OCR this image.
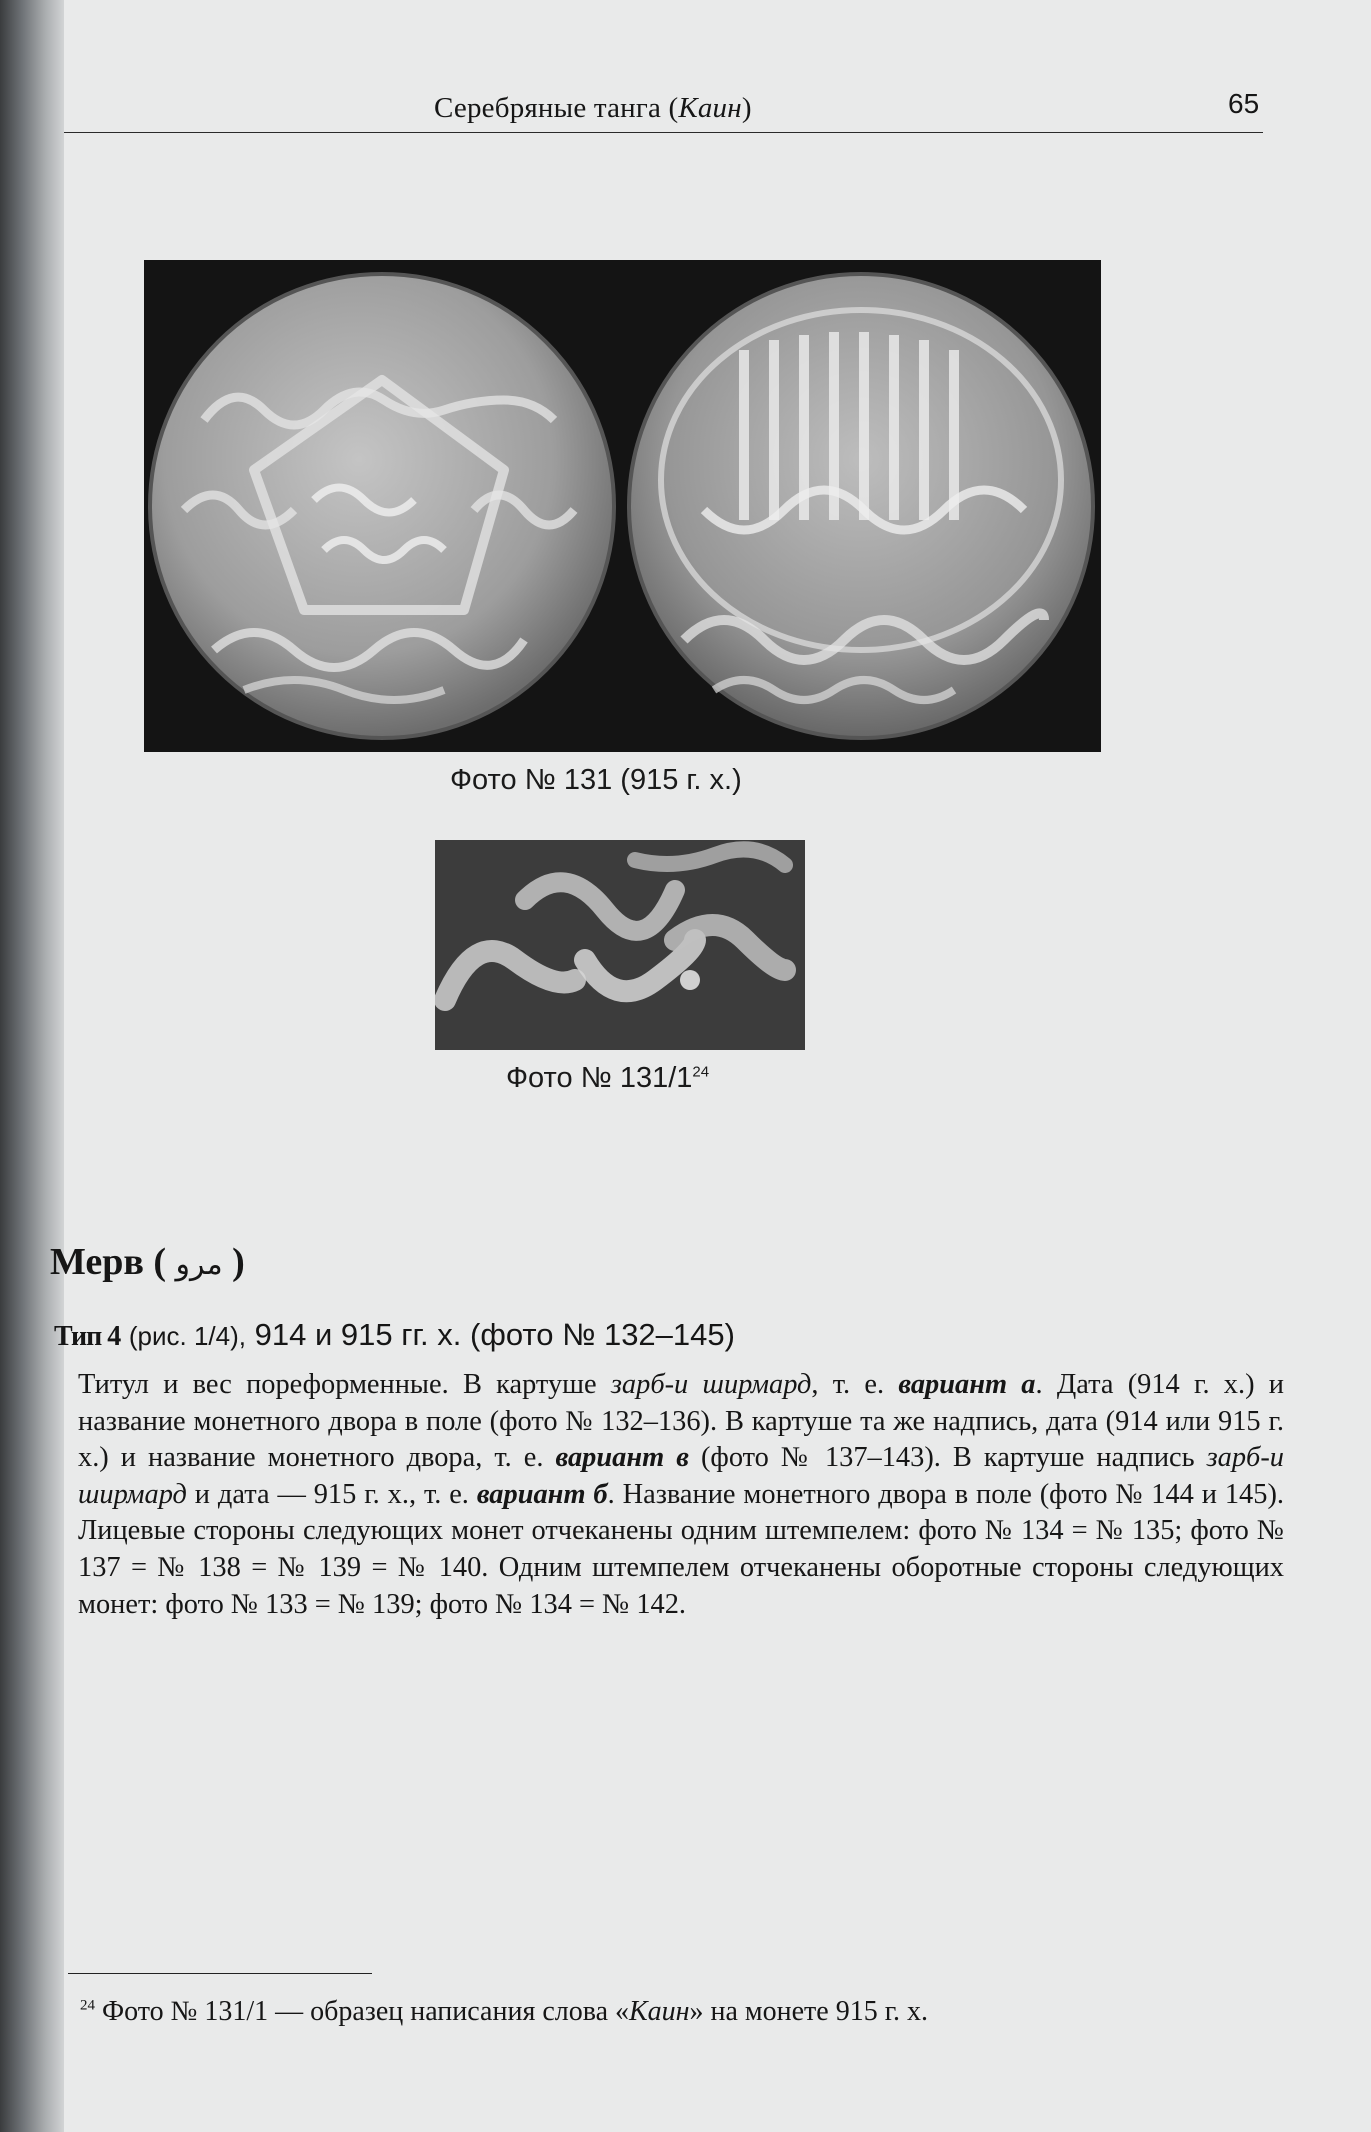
Серебряные танга (Каин)	65
Фото № 131 (915 г. х.)
Фото № $131/1^{24}$
Мерв ( مرو )
Тип 4 (рис. 1/4), 914 и 915 гг. х. (фото № 132–145)

Титул и вес пореформенные. В картуше зарб-и ширмард, т. е. вариант а. Дата (914 г. х.) и название монетного двора в поле (фото № 132–136). В картуше та же надпись, дата (914 или 915 г. х.) и название монетного двора, т. е. вариант в (фото № 137–143). В картуше надпись зарб-и ширмард и дата — 915 г. х., т. е. вариант б. Название монетного двора в поле (фото № 144 и 145). Лицевые стороны следующих монет отчеканены одним штемпелем: фото № 134 = № 135; фото № 137 = № 138 = № 139 = № 140. Одним штемпелем отчеканены оборотные стороны следующих монет: фото № 133 = № 139; фото № 134 = № 142.

$^{24}$ Фото № 131/1 — образец написания слова «Каин» на монете 915 г. х.
